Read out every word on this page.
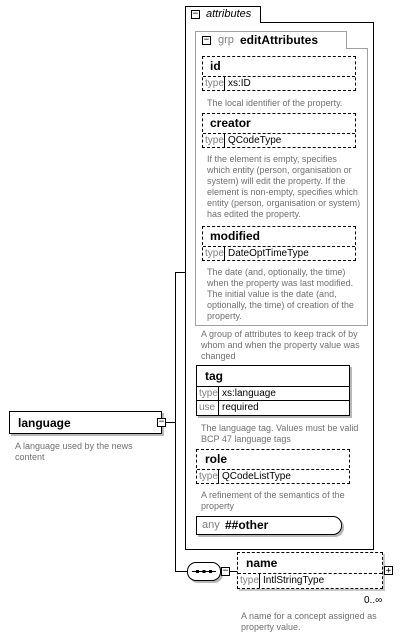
− attributes
− grp editAttributes
id
type xs:ID
The local identifier of the property.
creator
type QCodeType
If the element is empty, specifies which entity (person, organisation or system) will edit the property. If the element is non-empty, specifies which entity (person, organisation or system) has edited the property.
modified
type DateOptTimeType
The date (and, optionally, the time) when the property was last modified. The initial value is the date (and, optionally, the time) of creation of the property.
A group of attributes to keep track of by whom and when the property value was changed
tag
type xs:language
use required
The language tag. Values must be valid BCP 47 language tags
role
type QCodeListType
A refinement of the semantics of the property
any ##other
language	−
A language used by the news content
−
name
type IntlStringType
+
0..∞
A name for a concept assigned as property value.
